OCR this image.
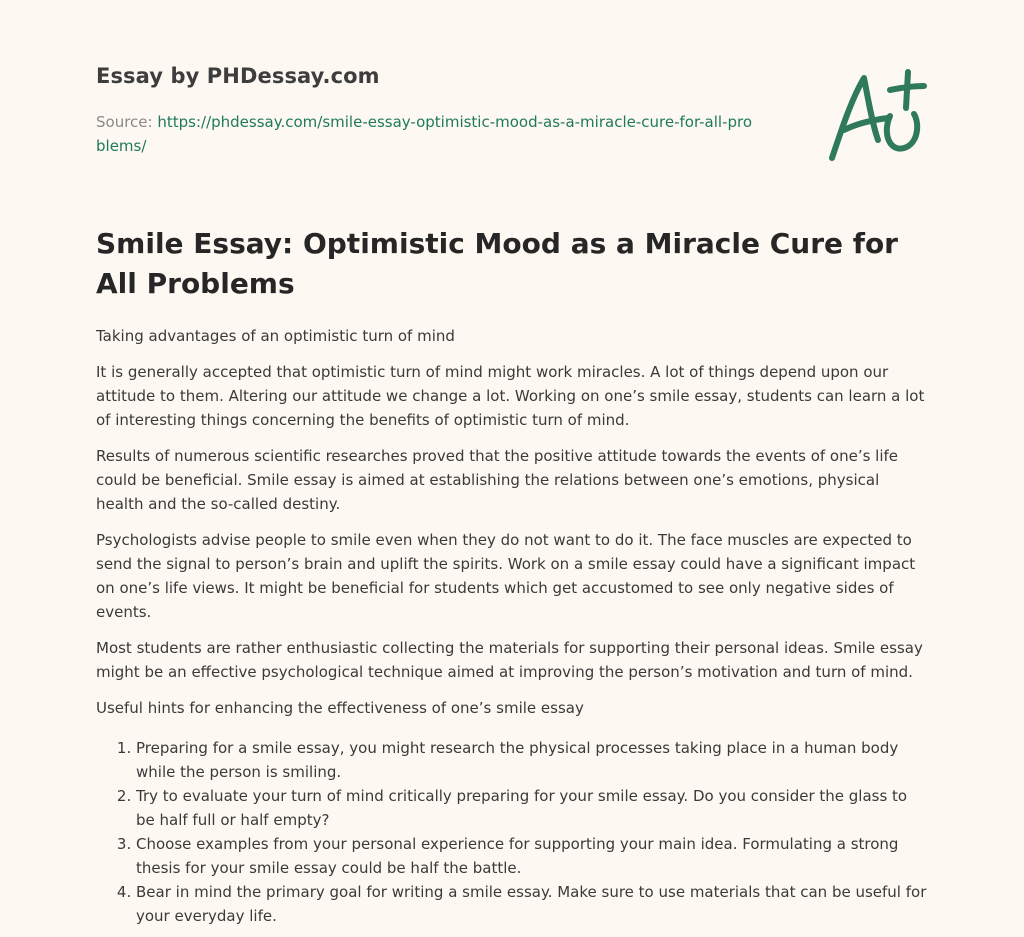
Essay by PHDessay.com
Source: https://phdessay.com/smile-essay-optimistic-mood-as-a-miracle-cure-for-all-problems/
Smile Essay: Optimistic Mood as a Miracle Cure for All Problems

Taking advantages of an optimistic turn of mind

It is generally accepted that optimistic turn of mind might work miracles. A lot of things depend upon our attitude to them. Altering our attitude we change a lot. Working on one’s smile essay, students can learn a lot of interesting things concerning the benefits of optimistic turn of mind.

Results of numerous scientific researches proved that the positive attitude towards the events of one’s life could be beneficial. Smile essay is aimed at establishing the relations between one’s emotions, physical health and the so-called destiny.

Psychologists advise people to smile even when they do not want to do it. The face muscles are expected to send the signal to person’s brain and uplift the spirits. Work on a smile essay could have a significant impact on one’s life views. It might be beneficial for students which get accustomed to see only negative sides of events.

Most students are rather enthusiastic collecting the materials for supporting their personal ideas. Smile essay might be an effective psychological technique aimed at improving the person’s motivation and turn of mind.

Useful hints for enhancing the effectiveness of one’s smile essay

1. Preparing for a smile essay, you might research the physical processes taking place in a human body while the person is smiling.
2. Try to evaluate your turn of mind critically preparing for your smile essay. Do you consider the glass to be half full or half empty?
3. Choose examples from your personal experience for supporting your main idea. Formulating a strong thesis for your smile essay could be half the battle.
4. Bear in mind the primary goal for writing a smile essay. Make sure to use materials that can be useful for your everyday life.
